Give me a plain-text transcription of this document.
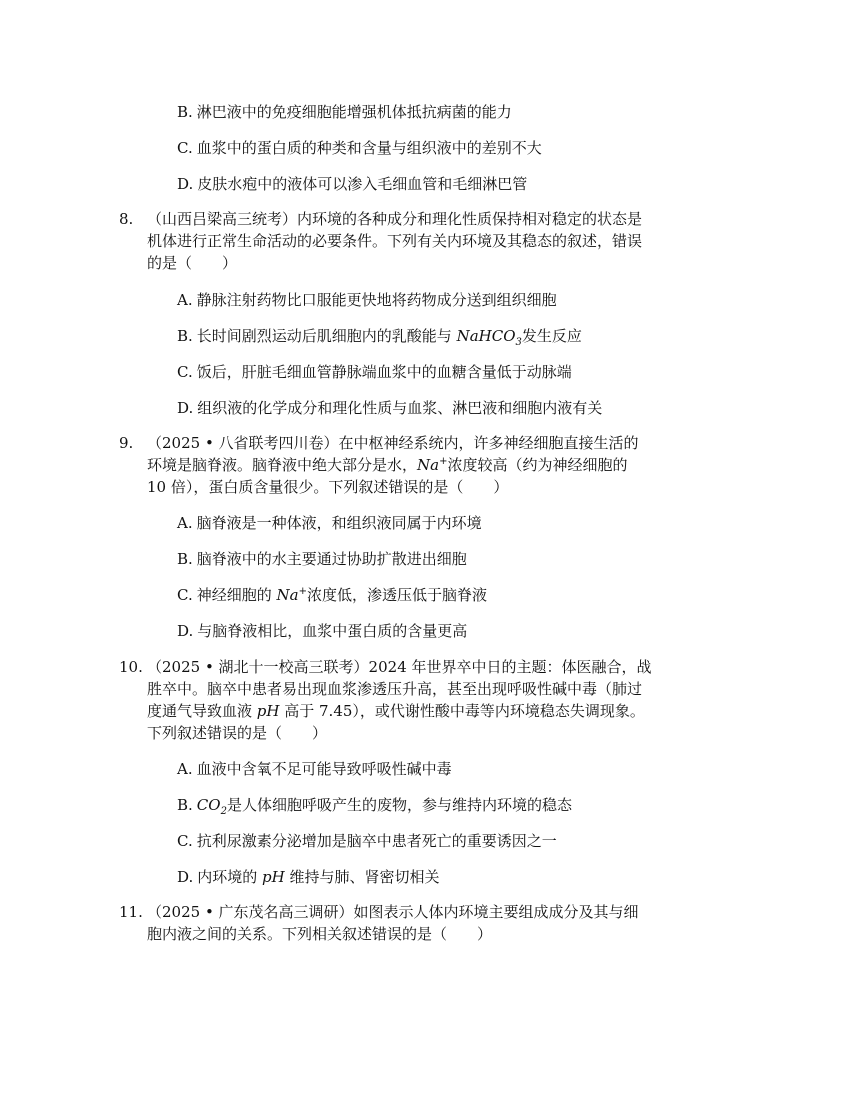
B. 淋巴液中的免疫细胞能增强机体抵抗病菌的能力
C. 血浆中的蛋白质的种类和含量与组织液中的差别不大
D. 皮肤水疱中的液体可以渗入毛细血管和毛细淋巴管
8. （山西吕梁高三统考）内环境的各种成分和理化性质保持相对稳定的状态是
机体进行正常生命活动的必要条件。下列有关内环境及其稳态的叙述，错误
的是（　　）
A. 静脉注射药物比口服能更快地将药物成分送到组织细胞
B. 长时间剧烈运动后肌细胞内的乳酸能与 NaHCO$_3$发生反应
C. 饭后，肝脏毛细血管静脉端血浆中的血糖含量低于动脉端
D. 组织液的化学成分和理化性质与血浆、淋巴液和细胞内液有关
9. （2025 • 八省联考四川卷）在中枢神经系统内，许多神经细胞直接生活的
环境是脑脊液。脑脊液中绝大部分是水，Na+浓度较高（约为神经细胞的
10 倍），蛋白质含量很少。下列叙述错误的是（　　）
A. 脑脊液是一种体液，和组织液同属于内环境
B. 脑脊液中的水主要通过协助扩散进出细胞
C. 神经细胞的 Na+浓度低，渗透压低于脑脊液
D. 与脑脊液相比，血浆中蛋白质的含量更高
10. （2025 • 湖北十一校高三联考）2024 年世界卒中日的主题：体医融合，战
胜卒中。脑卒中患者易出现血浆渗透压升高，甚至出现呼吸性碱中毒（肺过
度通气导致血液 pH 高于 7.45），或代谢性酸中毒等内环境稳态失调现象。
下列叙述错误的是（　　）
A. 血液中含氧不足可能导致呼吸性碱中毒
B. $CO_2$是人体细胞呼吸产生的废物，参与维持内环境的稳态
C. 抗利尿激素分泌增加是脑卒中患者死亡的重要诱因之一
D. 内环境的 pH 维持与肺、肾密切相关
11. （2025 • 广东茂名高三调研）如图表示人体内环境主要组成成分及其与细
胞内液之间的关系。下列相关叙述错误的是（　　）
